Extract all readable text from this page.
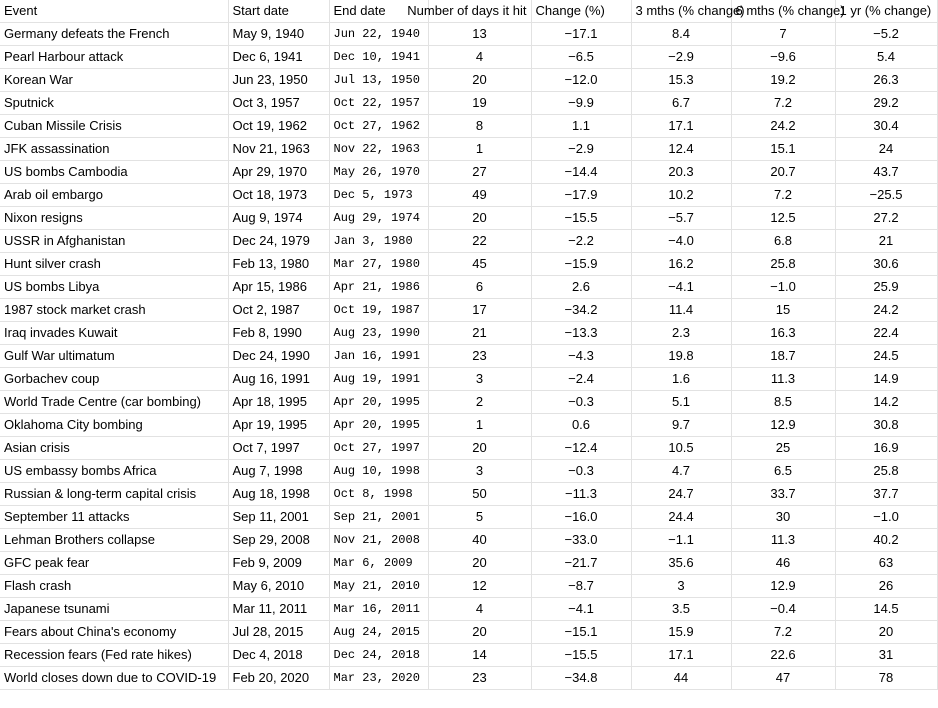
Event	Start date	End date	Number of days it hit	Change (%)	3 mths (% change)	6 mths (% change)	1 yr (% change)
Germany defeats the French	May 9, 1940	Jun 22, 1940	13	−17.1	8.4	7	−5.2
Pearl Harbour attack	Dec 6, 1941	Dec 10, 1941	4	−6.5	−2.9	−9.6	5.4
Korean War	Jun 23, 1950	Jul 13, 1950	20	−12.0	15.3	19.2	26.3
Sputnick	Oct 3, 1957	Oct 22, 1957	19	−9.9	6.7	7.2	29.2
Cuban Missile Crisis	Oct 19, 1962	Oct 27, 1962	8	1.1	17.1	24.2	30.4
JFK assassination	Nov 21, 1963	Nov 22, 1963	1	−2.9	12.4	15.1	24
US bombs Cambodia	Apr 29, 1970	May 26, 1970	27	−14.4	20.3	20.7	43.7
Arab oil embargo	Oct 18, 1973	Dec 5, 1973	49	−17.9	10.2	7.2	−25.5
Nixon resigns	Aug 9, 1974	Aug 29, 1974	20	−15.5	−5.7	12.5	27.2
USSR in Afghanistan	Dec 24, 1979	Jan 3, 1980	22	−2.2	−4.0	6.8	21
Hunt silver crash	Feb 13, 1980	Mar 27, 1980	45	−15.9	16.2	25.8	30.6
US bombs Libya	Apr 15, 1986	Apr 21, 1986	6	2.6	−4.1	−1.0	25.9
1987 stock market crash	Oct 2, 1987	Oct 19, 1987	17	−34.2	11.4	15	24.2
Iraq invades Kuwait	Feb 8, 1990	Aug 23, 1990	21	−13.3	2.3	16.3	22.4
Gulf War ultimatum	Dec 24, 1990	Jan 16, 1991	23	−4.3	19.8	18.7	24.5
Gorbachev coup	Aug 16, 1991	Aug 19, 1991	3	−2.4	1.6	11.3	14.9
World Trade Centre (car bombing)	Apr 18, 1995	Apr 20, 1995	2	−0.3	5.1	8.5	14.2
Oklahoma City bombing	Apr 19, 1995	Apr 20, 1995	1	0.6	9.7	12.9	30.8
Asian crisis	Oct 7, 1997	Oct 27, 1997	20	−12.4	10.5	25	16.9
US embassy bombs Africa	Aug 7, 1998	Aug 10, 1998	3	−0.3	4.7	6.5	25.8
Russian & long-term capital crisis	Aug 18, 1998	Oct 8, 1998	50	−11.3	24.7	33.7	37.7
September 11 attacks	Sep 11, 2001	Sep 21, 2001	5	−16.0	24.4	30	−1.0
Lehman Brothers collapse	Sep 29, 2008	Nov 21, 2008	40	−33.0	−1.1	11.3	40.2
GFC peak fear	Feb 9, 2009	Mar 6, 2009	20	−21.7	35.6	46	63
Flash crash	May 6, 2010	May 21, 2010	12	−8.7	3	12.9	26
Japanese tsunami	Mar 11, 2011	Mar 16, 2011	4	−4.1	3.5	−0.4	14.5
Fears about China's economy	Jul 28, 2015	Aug 24, 2015	20	−15.1	15.9	7.2	20
Recession fears (Fed rate hikes)	Dec 4, 2018	Dec 24, 2018	14	−15.5	17.1	22.6	31
World closes down due to COVID-19	Feb 20, 2020	Mar 23, 2020	23	−34.8	44	47	78
